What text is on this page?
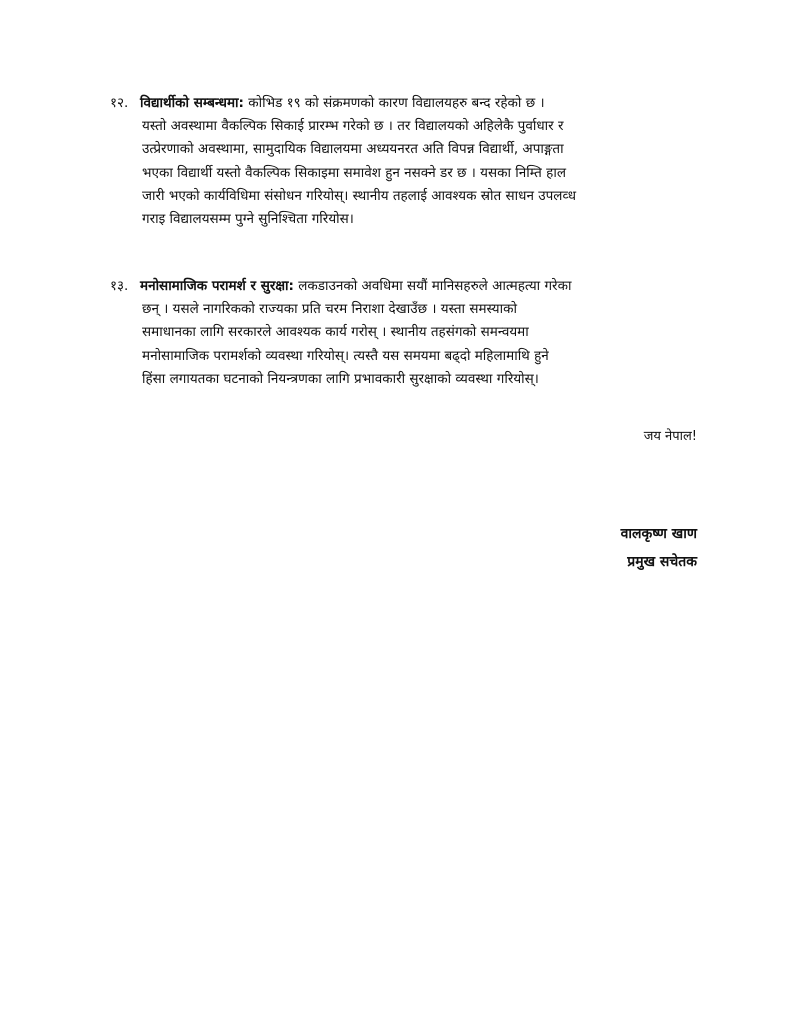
१२. विद्यार्थीको सम्बन्धमा: कोभिड १९ को संक्रमणको कारण विद्यालयहरु बन्द रहेको छ ।
यस्तो अवस्थामा वैकल्पिक सिकाई प्रारम्भ गरेको छ । तर विद्यालयको अहिलेकै पुर्वाधार र
उत्प्रेरणाको अवस्थामा, सामुदायिक विद्यालयमा अध्ययनरत अति विपन्न विद्यार्थी, अपाङ्गता
भएका विद्यार्थी यस्तो वैकल्पिक सिकाइमा समावेश हुन नसक्ने डर छ । यसका निम्ति हाल
जारी भएको कार्यविधिमा संसोधन गरियोस्। स्थानीय तहलाई आवश्यक स्रोत साधन उपलव्ध
गराइ विद्यालयसम्म पुग्ने सुनिश्चिता गरियोस।
१३. मनोसामाजिक परामर्श र सुरक्षा: लकडाउनको अवधिमा सयौं मानिसहरुले आत्महत्या गरेका
छन् । यसले नागरिकको राज्यका प्रति चरम निराशा देखाउँछ । यस्ता समस्याको
समाधानका लागि सरकारले आवश्यक कार्य गरोस् । स्थानीय तहसंगको समन्वयमा
मनोसामाजिक परामर्शको व्यवस्था गरियोस्। त्यस्तै यस समयमा बढ्दो महिलामाथि हुने
हिंसा लगायतका घटनाको नियन्त्रणका लागि प्रभावकारी सुरक्षाको व्यवस्था गरियोस्।
जय नेपाल!
वालकृष्ण खाण
प्रमुख सचेतक
